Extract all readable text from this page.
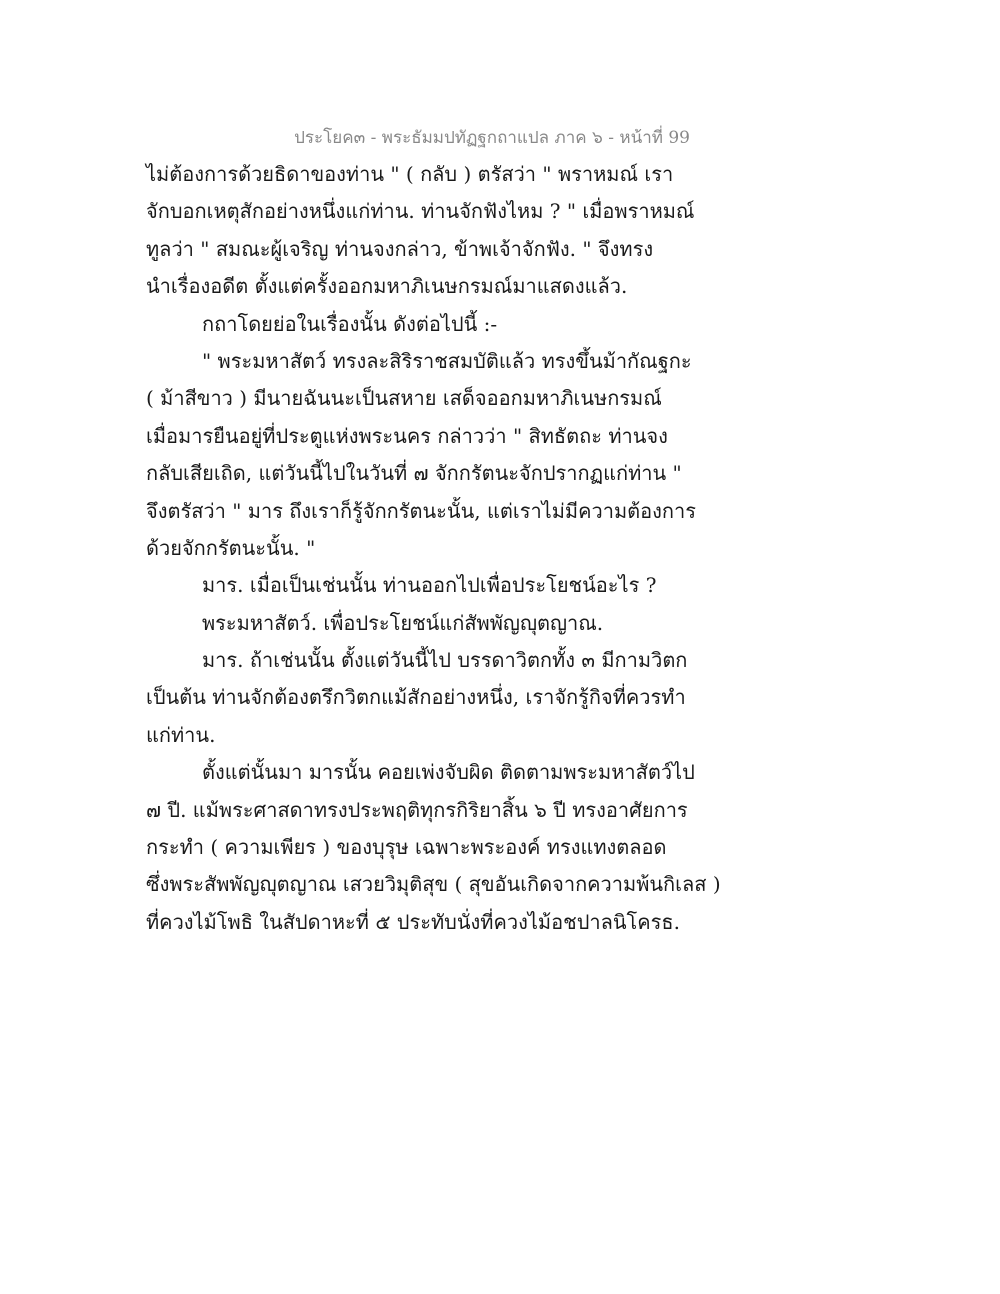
ประโยค๓ - พระธัมมปทัฏฐกถาแปล ภาค ๖ - หน้าที่ 99
ไม่ต้องการด้วยธิดาของท่าน " ( กลับ ) ตรัสว่า " พราหมณ์ เรา
จักบอกเหตุสักอย่างหนึ่งแก่ท่าน. ท่านจักฟังไหม ? " เมื่อพราหมณ์
ทูลว่า " สมณะผู้เจริญ ท่านจงกล่าว, ข้าพเจ้าจักฟัง. " จึงทรง
นำเรื่องอดีต ตั้งแต่ครั้งออกมหาภิเนษกรมณ์มาแสดงแล้ว.
กถาโดยย่อในเรื่องนั้น ดังต่อไปนี้ :-
" พระมหาสัตว์ ทรงละสิริราชสมบัติแล้ว ทรงขึ้นม้ากัณฐกะ
( ม้าสีขาว ) มีนายฉันนะเป็นสหาย เสด็จออกมหาภิเนษกรมณ์
เมื่อมารยืนอยู่ที่ประตูแห่งพระนคร กล่าวว่า " สิทธัตถะ ท่านจง
กลับเสียเถิด, แต่วันนี้ไปในวันที่ ๗ จักกรัตนะจักปรากฏแก่ท่าน "
จึงตรัสว่า " มาร ถึงเราก็รู้จักกรัตนะนั้น, แต่เราไม่มีความต้องการ
ด้วยจักกรัตนะนั้น. "
มาร. เมื่อเป็นเช่นนั้น ท่านออกไปเพื่อประโยชน์อะไร ?
พระมหาสัตว์. เพื่อประโยชน์แก่สัพพัญญุตญาณ.
มาร. ถ้าเช่นนั้น ตั้งแต่วันนี้ไป บรรดาวิตกทั้ง ๓ มีกามวิตก
เป็นต้น ท่านจักต้องตรึกวิตกแม้สักอย่างหนึ่ง, เราจักรู้กิจที่ควรทำ
แก่ท่าน.
ตั้งแต่นั้นมา มารนั้น คอยเพ่งจับผิด ติดตามพระมหาสัตว์ไป
๗ ปี. แม้พระศาสดาทรงประพฤติทุกรกิริยาสิ้น ๖ ปี ทรงอาศัยการ
กระทำ ( ความเพียร ) ของบุรุษ เฉพาะพระองค์ ทรงแทงตลอด
ซึ่งพระสัพพัญญุตญาณ เสวยวิมุติสุข ( สุขอันเกิดจากความพ้นกิเลส )
ที่ควงไม้โพธิ ในสัปดาหะที่ ๕ ประทับนั่งที่ควงไม้อชปาลนิโครธ.
